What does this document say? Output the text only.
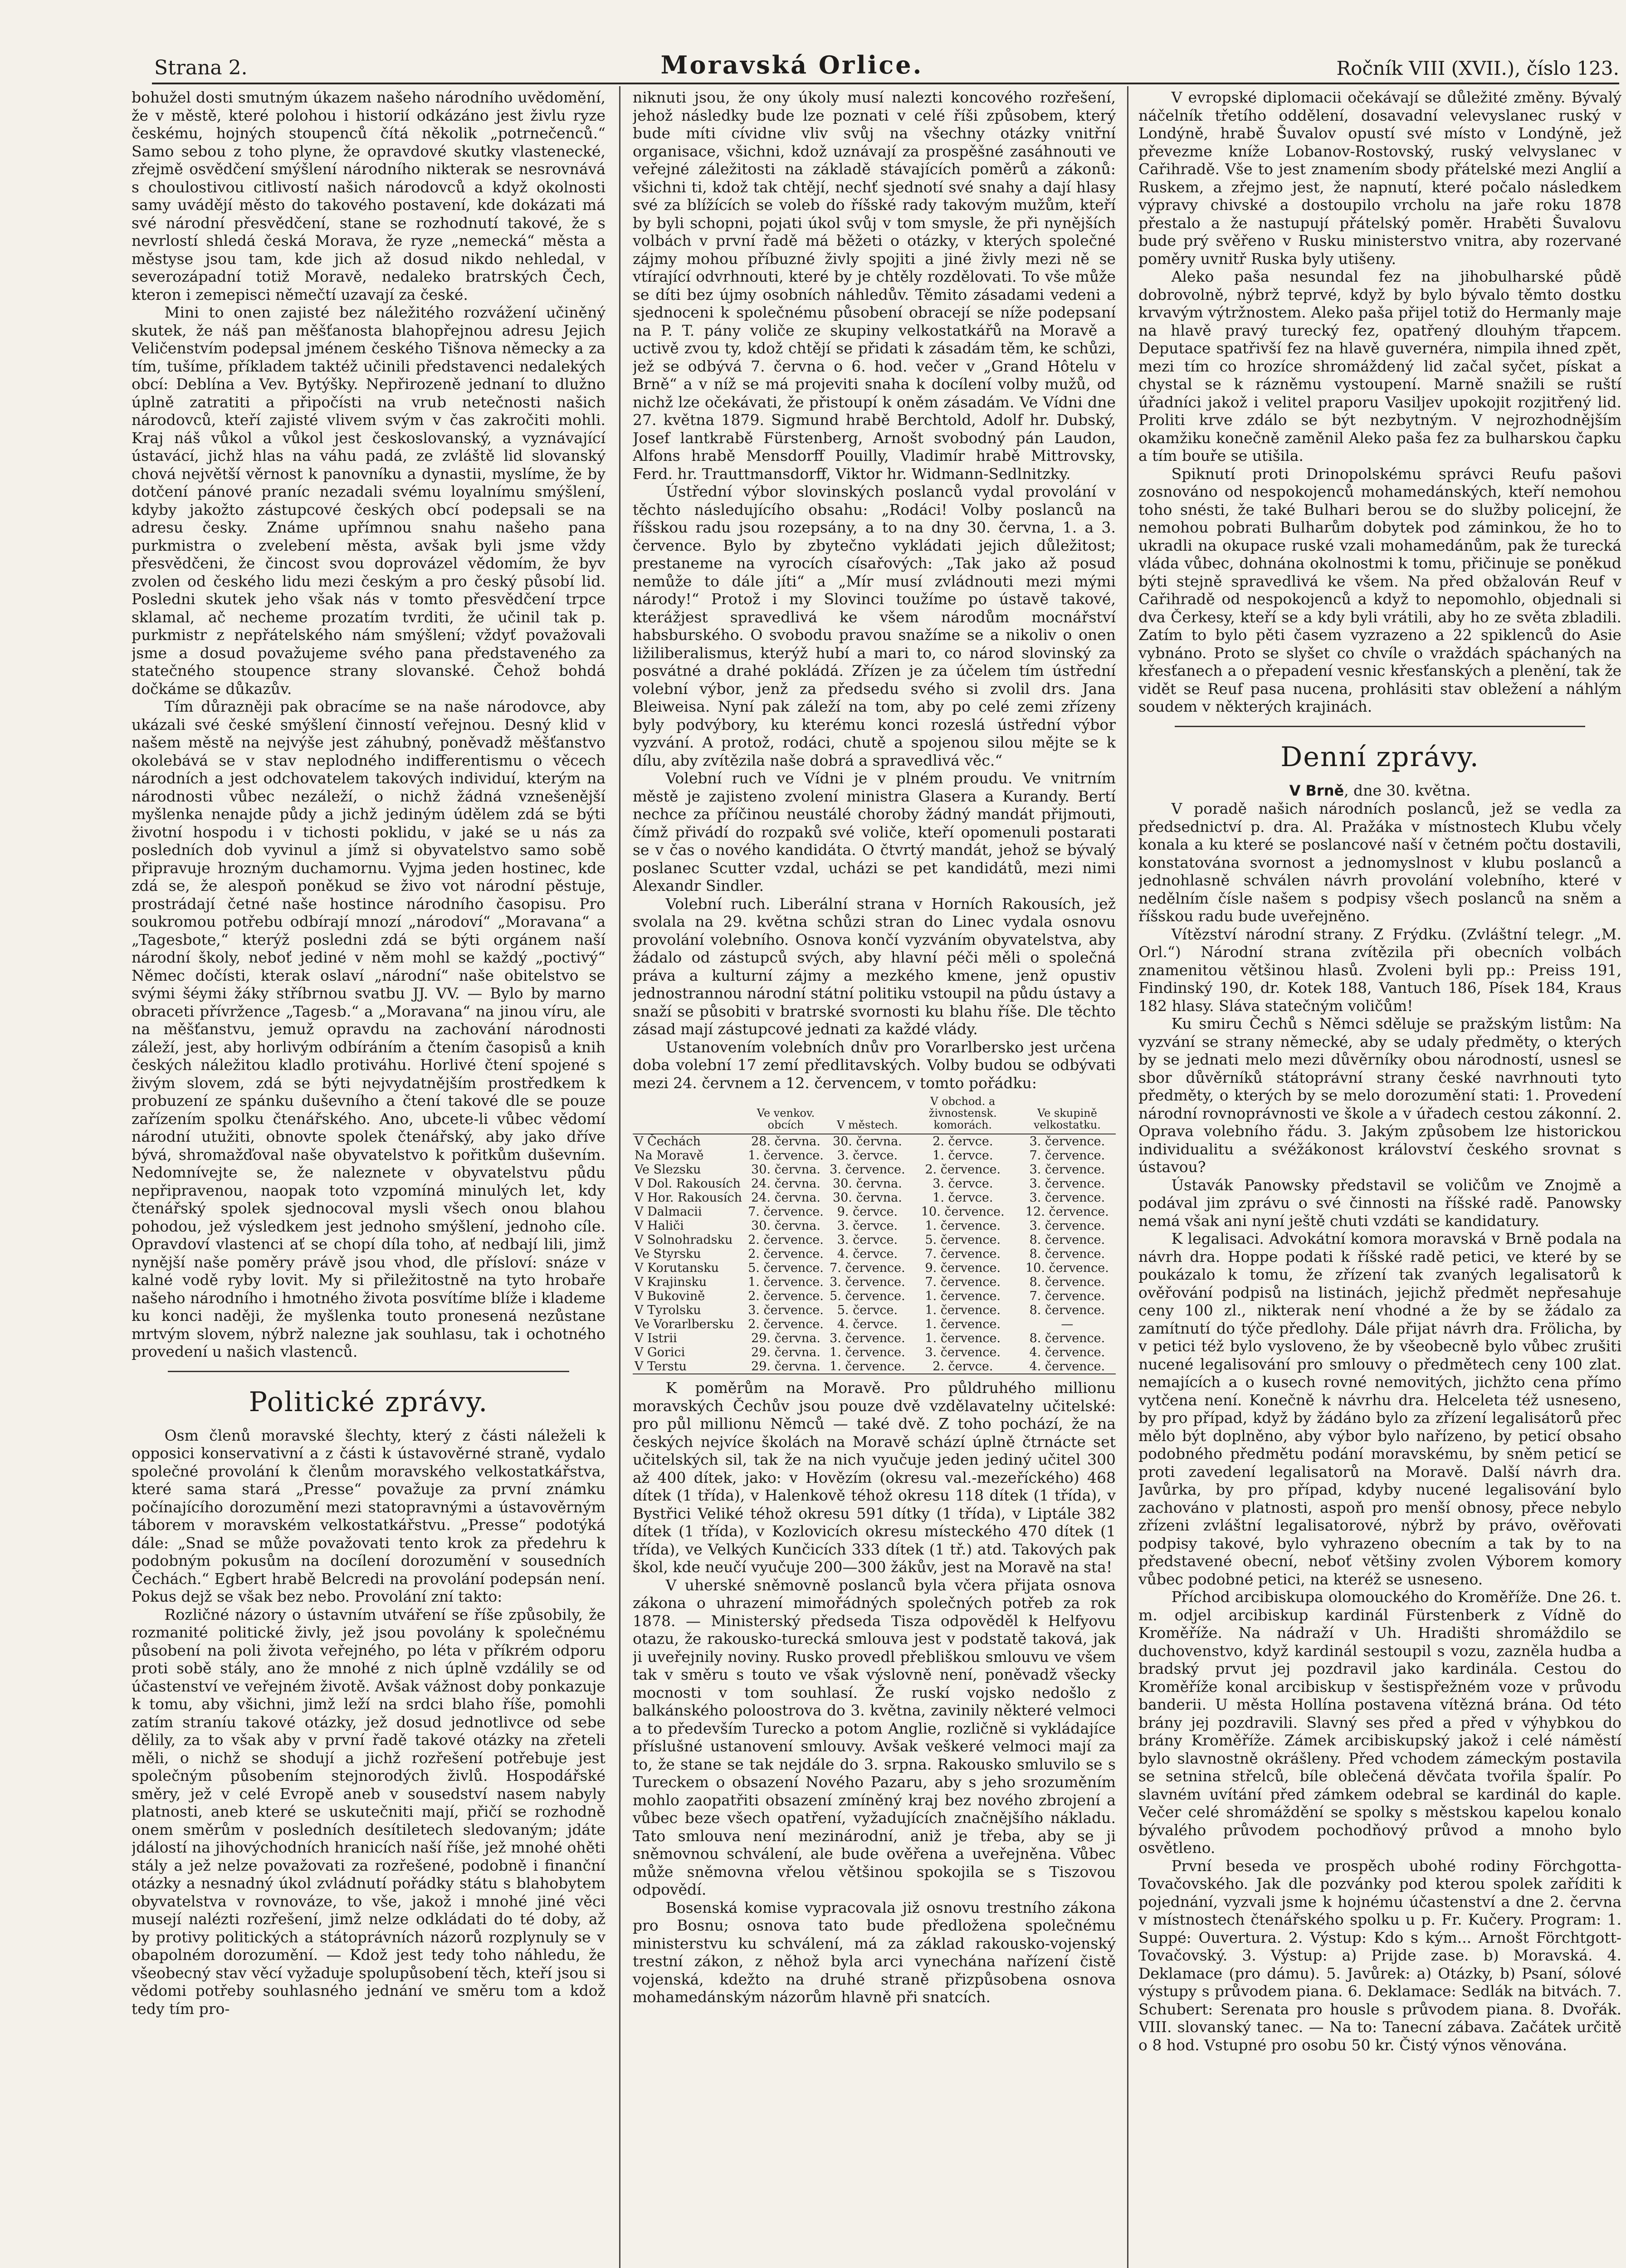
Strana 2.	Moravská Orlice.	Ročník VIII (XVII.), číslo 123.

bohužel dosti smutným úkazem našeho národního uvědomění, že v městě, které polohou i historií odkázáno jest živlu ryze českému, hojných stoupenců čítá několik „potrnečenců.“ Samo sebou z toho plyne, že opravdové skutky vlastenecké, zřejmě osvědčení smýšlení národního nikterak se nesrovnává s choulostivou citlivostí našich národovců a když okolnosti samy uvádějí město do takového postavení, kde dokázati má své národní přesvědčení, stane se rozhodnutí takové, že s nevrlostí shledá česká Morava, že ryze „nemecká“ města a městyse jsou tam, kde jich až dosud nikdo nehledal, v severozápadní totiž Moravě, nedaleko bratrských Čech, kteron i zemepisci němečtí uzavají za české.

Mini to onen zajisté bez náležitého rozvážení učiněný skutek, že náš pan měšťanosta blahopřejnou adresu Jejich Veličenstvím podepsal jménem českého Tišnova německy a za tím, tušíme, příkladem taktéž učinili představenci nedalekých obcí: Deblína a Vev. Bytýšky. Nepřirozeně jednaní to dlužno úplně zatratiti a připočísti na vrub netečnosti našich národovců, kteří zajisté vlivem svým v čas zakročiti mohli. Kraj náš vůkol a vůkol jest českoslovanský, a vyznávající ústavácí, jichž hlas na váhu padá, ze zvláště lid slovanský chová největší věrnost k panovníku a dynastii, myslíme, že by dotčení pánové praníc nezadali svému loyalnímu smýšlení, kdyby jakožto zástupcové českých obcí podepsali se na adresu česky. Známe upřímnou snahu našeho pana purkmistra o zvelebení města, avšak byli jsme vždy přesvědčeni, že čincost svou doprovázel vědomím, že byv zvolen od českého lidu mezi českým a pro český působí lid. Posledni skutek jeho však nás v tomto přesvědčení trpce sklamal, ač necheme prozatím tvrditi, že učinil tak p. purkmistr z nepřátelského nám smýšlení; vždyť považovali jsme a dosud považujeme svého pana představeného za statečného stoupence strany slovanské. Čehož bohdá dočkáme se důkazův.

Tím důrazněji pak obracíme se na naše národovce, aby ukázali své české smýšlení činností veřejnou. Desný klid v našem městě na nejvýše jest záhubný, poněvadž měšťanstvo okolebává se v stav neplodného indifferentismu o věcech národních a jest odchovatelem takových individuí, kterým na národnosti vůbec nezáleží, o nichž žádná vznešenější myšlenka nenajde půdy a jichž jediným údělem zdá se býti životní hospodu i v tichosti poklidu, v jaké se u nás za posledních dob vyvinul a jímž si obyvatelstvo samo sobě připravuje hrozným duchamornu. Vyjma jeden hostinec, kde zdá se, že alespoň poněkud se živo vot národní pěstuje, prostrádají četné naše hostince národního časopisu. Pro soukromou potřebu odbírají mnozí „národoví“ „Moravana“ a „Tagesbote,“ kterýž posledni zdá se býti orgánem naší národní školy, neboť jediné v něm mohl se každý „poctivý“ Němec dočísti, kterak oslaví „národní“ naše obitelstvo se svými šéymi žáky stříbrnou svatbu JJ. VV. — Bylo by marno obraceti přívržence „Tagesb.“ a „Moravana“ na jinou víru, ale na měšťanstvu, jemuž opravdu na zachování národnosti záleží, jest, aby horlivým odbíráním a čtením časopisů a knih českých náležitou kladlo protiváhu. Horlivé čtení spojené s živým slovem, zdá se býti nejvydatnějším prostředkem k probuzení ze spánku duševního a čtení takové dle se pouze zařízením spolku čtenářského. Ano, ubcete-li vůbec vědomí národní utužiti, obnovte spolek čtenářský, aby jako dříve bývá, shromažďoval naše obyvatelstvo k pořitkům duševním. Nedomnívejte se, že naleznete v obyvatelstvu půdu nepřipravenou, naopak toto vzpomíná minulých let, kdy čtenářský spolek sjednocoval mysli všech onou blahou pohodou, jež výsledkem jest jednoho smýšlení, jednoho cíle. Opravdoví vlastenci ať se chopí díla toho, ať nedbají lili, jimž nynější naše poměry právě jsou vhod, dle přísloví: snáze v kalné vodě ryby lovit. My si přiležitostně na tyto hrobaře našeho národního i hmotného života posvítíme blíže i klademe ku konci naději, že myšlenka touto pronesená nezůstane mrtvým slovem, nýbrž nalezne jak souhlasu, tak i ochotného provedení u našich vlastenců.

Politické zprávy.

Osm členů moravské šlechty, který z části náleželi k opposici konservativní a z části k ústavověrné straně, vydalo společné provolání k členům moravského velkostatkářstva, které sama stará „Presse“ považuje za první známku počínajícího dorozumění mezi statopravnými a ústavověrným táborem v moravském velkostatkářstvu. „Presse“ podotýká dále: „Snad se může považovati tento krok za předehru k podobným pokusům na docílení dorozumění v sousedních Čechách.“ Egbert hrabě Belcredi na provolání podepsán není. Pokus dejž se však bez nebo. Provolání zní takto:

Rozličné názory o ústavním utváření se říše způsobily, že rozmanité politické živly, jež jsou povolány k společnému působení na poli života veřejného, po léta v příkrém odporu proti sobě stály, ano že mnohé z nich úplně vzdálily se od účastenství ve veřejném životě. Avšak vážnost doby ponkazuje k tomu, aby všichni, jimž leží na srdci blaho říše, pomohli zatím straníu takové otázky, jež dosud jednotlivce od sebe dělily, za to však aby v první řadě takové otázky na zřeteli měli, o nichž se shodují a jichž rozřešení potřebuje jest společným působením stejnorodých živlů. Hospodářské směry, jež v celé Evropě aneb v sousedství nasem nabyly platnosti, aneb které se uskutečniti mají, přičí se rozhodně onem směrům v posledních desítiletech sledovaným; jdáte jdálostí na jihovýchodních hranicích naší říše, jež mnohé ohěti stály a jež nelze považovati za rozřešené, podobně i finanční otázky a nesnadný úkol zvládnutí pořádky státu s blahobytem obyvatelstva v rovnováze, to vše, jakož i mnohé jiné věci musejí nalézti rozřešení, jimž nelze odkládati do té doby, až by protivy politických a státoprávních názorů rozplynuly se v obapolném dorozumění. — Kdož jest tedy toho náhledu, že všeobecný stav věcí vyžaduje spolupůsobení těch, kteří jsou si vědomi potřeby souhlasného jednání ve směru tom a kdož tedy tím pro-

niknuti jsou, že ony úkoly musí nalezti koncového rozřešení, jehož následky bude lze poznati v celé říši způsobem, který bude míti cívidne vliv svůj na všechny otázky vnitřní organisace, všichni, kdož uznávají za prospěšné zasáhnouti ve veřejné záležitosti na základě stávajících poměrů a zákonů: všichni ti, kdož tak chtějí, nechť sjednotí své snahy a dají hlasy své za blížících se voleb do říšské rady takovým mužům, kteří by byli schopni, pojati úkol svůj v tom smysle, že při nynějších volbách v první řadě má běžeti o otázky, v kterých společné zájmy mohou příbuzné živly spojiti a jiné živly mezi ně se vtírající odvrhnouti, které by je chtěly rozdělovati. To vše může se díti bez újmy osobních náhledův. Těmito zásadami vedeni a sjednoceni k společnému působení obracejí se níže podepsaní na P. T. pány voliče ze skupiny velkostatkářů na Moravě a uctivě zvou ty, kdož chtějí se přidati k zásadám těm, ke schůzi, jež se odbývá 7. června o 6. hod. večer v „Grand Hôtelu v Brně“ a v níž se má projeviti snaha k docílení volby mužů, od nichž lze očekávati, že přistoupí k oněm zásadám. Ve Vídni dne 27. května 1879. Sigmund hrabě Berchtold, Adolf hr. Dubský, Josef lantkrabě Fürstenberg, Arnošt svobodný pán Laudon, Alfons hrabě Mensdorff Pouilly, Vladimír hrabě Mittrovsky, Ferd. hr. Trauttmansdorff, Viktor hr. Widmann-Sedlnitzky.

Ústřední výbor slovinských poslanců vydal provolání v těchto následujícího obsahu: „Rodáci! Volby poslanců na říšskou radu jsou rozepsány, a to na dny 30. června, 1. a 3. července. Bylo by zbytečno vykládati jejich důležitost; prestaneme na vyrocích císařových: „Tak jako až posud nemůže to dále jíti“ a „Mír musí zvládnouti mezi mými národy!“ Protož i my Slovinci toužíme po ústavě takové, kterážjest spravedlivá ke všem národům mocnářství habsburského. O svobodu pravou snažíme se a nikoliv o onen ližiliberalismus, kterýž hubí a mari to, co národ slovinský za posvátné a drahé pokládá. Zřízen je za účelem tím ústřední volební výbor, jenž za předsedu svého si zvolil drs. Jana Bleiweisa. Nyní pak záleží na tom, aby po celé zemi zřízeny byly podvýbory, ku kterému konci rozeslá ústřední výbor vyzvání. A protož, rodáci, chutě a spojenou silou mějte se k dílu, aby zvítězila naše dobrá a spravedlivá věc.“

Volební ruch ve Vídni je v plném proudu. Ve vnitrním městě je zajisteno zvolení ministra Glasera a Kurandy. Bertí nechce za příčinou neustálé choroby žádný mandát přijmouti, čímž přivádí do rozpaků své voliče, kteří opomenuli postarati se v čas o nového kandidáta. O čtvrtý mandát, jehož se bývalý poslanec Scutter vzdal, ucházi se pet kandidátů, mezi nimi Alexandr Sindler.

Volební ruch. Liberální strana v Horních Rakousích, jež svolala na 29. května schůzi stran do Linec vydala osnovu provolání volebního. Osnova končí vyzváním obyvatelstva, aby žádalo od zástupců svých, aby hlavní péči měli o společná práva a kulturní zájmy a mezkého kmene, jenž opustiv jednostrannou národní státní politiku vstoupil na půdu ústavy a snaží se působiti v bratrské svornosti ku blahu říše. Dle těchto zásad mají zástupcové jednati za každé vlády.

Ustanovením volebních dnův pro Vorarlbersko jest určena doba volební 17 zemí předlitavských. Volby budou se odbývati mezi 24. červnem a 12. červencem, v tomto pořádku:

	Ve venkov. obcích	V městech.	V obchod. a živnostensk. komorách.	Ve skupině velkostatku.
V Čechách	28. června.	30. června.	2. červce.	3. července.
Na Moravě	1. července.	3. červce.	1. červce.	7. července.
Ve Slezsku	30. června.	3. července.	2. července.	3. července.
V Dol. Rakousích	24. června.	30. června.	3. červce.	3. července.
V Hor. Rakousích	24. června.	30. června.	1. červce.	3. července.
V Dalmacii	7. července.	9. červce.	10. července.	12. července.
V Haliči	30. června.	3. červce.	1. července.	3. července.
V Solnohradsku	2. července.	3. červce.	5. července.	8. července.
Ve Styrsku	2. července.	4. červce.	7. července.	8. července.
V Korutansku	5. července.	7. července.	9. července.	10. července.
V Krajinsku	1. července.	3. července.	7. července.	8. července.
V Bukovině	2. července.	5. července.	1. července.	7. července.
V Tyrolsku	3. července.	5. červce.	1. července.	8. července.
Ve Vorarlbersku	2. července.	4. červce.	1. července.	—
V Istrii	29. června.	3. července.	1. července.	8. července.
V Gorici	29. června.	1. července.	3. července.	4. července.
V Terstu	29. června.	1. července.	2. červce.	4. července.

K poměrům na Moravě. Pro půldruhého millionu moravských Čechův jsou pouze dvě vzdělavatelny učitelské: pro půl millionu Němců — také dvě. Z toho pochází, že na českých nejvíce školách na Moravě schází úplně čtrnácte set učitelských sil, tak že na nich vyučuje jeden jediný učitel 300 až 400 dítek, jako: v Hovězím (okresu val.-mezeříckého) 468 dítek (1 třída), v Halenkově téhož okresu 118 dítek (1 třída), v Bystřici Veliké téhož okresu 591 dítky (1 třída), v Liptále 382 dítek (1 třída), v Kozlovicích okresu místeckého 470 dítek (1 třída), ve Velkých Kunčicích 333 dítek (1 tř.) atd. Takových pak škol, kde neučí vyučuje 200—300 žákův, jest na Moravě na sta!

V uherské sněmovně poslanců byla včera přijata osnova zákona o uhrazení mimořádných společných potřeb za rok 1878. — Ministerský předseda Tisza odpověděl k Helfyovu otazu, že rakousko-turecká smlouva jest v podstatě taková, jak ji uveřejnily noviny. Rusko provedl přebliškou smlouvu ve všem tak v směru s touto ve však výslovně není, poněvadž všecky mocnosti v tom souhlasí. Že ruskí vojsko nedošlo z balkánského poloostrova do 3. května, zavinily některé velmoci a to především Turecko a potom Anglie, rozličně si vykládajíce příslušné ustanovení smlouvy. Avšak veškeré velmoci mají za to, že stane se tak nejdále do 3. srpna. Rakousko smluvilo se s Tureckem o obsazení Nového Pazaru, aby s jeho srozuměním mohlo zaopatřiti obsazení zmíněný kraj bez nového zbrojení a vůbec beze všech opatření, vyžadujících značnějšího nákladu. Tato smlouva není mezinárodní, aniž je třeba, aby se ji sněmovnou schválení, ale bude ověřena a uveřejněna. Vůbec může sněmovna vřelou většinou spokojila se s Tiszovou odpovědí.

Bosenská komise vypracovala již osnovu trestního zákona pro Bosnu; osnova tato bude předložena společnému ministerstvu ku schválení, má za základ rakousko-vojenský trestní zákon, z něhož byla arci vynechána nařízení čistě vojenská, kdežto na druhé straně přizpůsobena osnova mohamedánským názorům hlavně při snatcích.

V evropské diplomacii očekávají se důležité změny. Bývalý náčelník třetího oddělení, dosavadní velevyslanec ruský v Londýně, hrabě Šuvalov opustí své místo v Londýně, jež převezme kníže Lobanov-Rostovský, ruský velvyslanec v Cařihradě. Vše to jest znamením sbody přátelské mezi Anglií a Ruskem, a zřejmo jest, že napnutí, které počalo následkem výpravy chivské a dostoupilo vrcholu na jaře roku 1878 přestalo a že nastupují přátelský poměr. Hraběti Šuvalovu bude prý svěřeno v Rusku ministerstvo vnitra, aby rozervané poměry uvnitř Ruska byly utišeny.

Aleko paša nesundal fez na jihobulharské půdě dobrovolně, nýbrž teprvé, když by bylo bývalo těmto dostku krvavým výtržnostem. Aleko paša přijel totiž do Hermanly maje na hlavě pravý turecký fez, opatřený dlouhým třapcem. Deputace spatřivší fez na hlavě guvernéra, nimpila ihned zpět, mezi tím co hrozíce shromáždený lid začal syčet, pískat a chystal se k rázněmu vystoupení. Marně snažili se ruští úřadníci jakož i velitel praporu Vasiljev upokojit rozjitřený lid. Proliti krve zdálo se být nezbytným. V nejrozhodnějším okamžiku konečně zaměnil Aleko paša fez za bulharskou čapku a tím bouře se utišila.

Spiknutí proti Drinopolskému správci Reufu pašovi zosnováno od nespokojenců mohamedánských, kteří nemohou toho snésti, že také Bulhari berou se do služby policejní, že nemohou pobrati Bulharům dobytek pod záminkou, že ho to ukradli na okupace ruské vzali mohamedánům, pak že turecká vláda vůbec, dohnána okolnostmi k tomu, přičinuje se poněkud býti stejně spravedlivá ke všem. Na před obžalován Reuf v Cařihradě od nespokojenců a když to nepomohlo, objednali si dva Čerkesy, kteří se a kdy byli vrátili, aby ho ze světa zbladili. Zatím to bylo pěti časem vyzrazeno a 22 spiklenců do Asie vybnáno. Proto se slyšet co chvíle o vraždách spáchaných na křesťanech a o přepadení vesnic křesťanských a plenění, tak že vidět se Reuf pasa nucena, prohlásiti stav obležení a náhlým soudem v některých krajinách.

Denní zprávy.

V Brně, dne 30. května.

V poradě našich národních poslanců, jež se vedla za předsednictví p. dra. Al. Pražáka v místnostech Klubu včely konala a ku které se poslancové naší v četném počtu dostavili, konstatována svornost a jednomyslnost v klubu poslanců a jednohlasně schválen návrh provolání volebního, které v nedělním čísle našem s podpisy všech poslanců na sněm a říšskou radu bude uveřejněno.

Vítězství národní strany. Z Frýdku. (Zvláštní telegr. „M. Orl.“) Národní strana zvítězila při obecních volbách znamenitou většinou hlasů. Zvoleni byli pp.: Preiss 191, Findinský 190, dr. Kotek 188, Vantuch 186, Písek 184, Kraus 182 hlasy. Sláva statečným voličům!

Ku smiru Čechů s Němci sděluje se pražským listům: Na vyzvání se strany německé, aby se udaly předměty, o kterých by se jednati melo mezi důvěrníky obou národností, usnesl se sbor důvěrníků státoprávní strany české navrhnouti tyto předměty, o kterých by se melo dorozumění stati: 1. Provedení národní rovnoprávnosti ve škole a v úřadech cestou zákonní. 2. Oprava volebního řádu. 3. Jakým způsobem lze historickou individualitu a svéžákonost království českého srovnat s ústavou?

Ústavák Panowsky představil se voličům ve Znojmě a podával jim zprávu o své činnosti na říšské radě. Panowsky nemá však ani nyní ještě chuti vzdáti se kandidatury.

K legalisaci. Advokátní komora moravská v Brně podala na návrh dra. Hoppe podati k říšské radě petici, ve které by se poukázalo k tomu, že zřízení tak zvaných legalisatorů k ověřování podpisů na listinách, jejichž předmět nepřesahuje ceny 100 zl., nikterak není vhodné a že by se žádalo za zamítnutí do týče předlohy. Dále přijat návrh dra. Frölicha, by v petici též bylo vysloveno, že by všeobecně bylo vůbec zrušiti nucené legalisování pro smlouvy o předmětech ceny 100 zlat. nemajících a o kusech rovné nemovitých, jichžto cena přímo vytčena není. Konečně k návrhu dra. Helceleta též usneseno, by pro případ, když by žádáno bylo za zřízení legalisátorů přec mělo být doplněno, aby výbor bylo nařízeno, by peticí obsaho podobného předmětu podání moravskému, by sněm peticí se proti zavedení legalisatorů na Moravě. Další návrh dra. Javůrka, by pro případ, kdyby nucené legalisování bylo zachováno v platnosti, aspoň pro menší obnosy, přece nebylo zřízeni zvláštní legalisatorové, nýbrž by právo, ověřovati podpisy takové, bylo vyhrazeno obecním a tak by to na představené obecní, neboť většiny zvolen Výborem komory vůbec podobné petici, na kteréž se usneseno.

Příchod arcibiskupa olomouckého do Kroměříže. Dne 26. t. m. odjel arcibiskup kardinál Fürstenberk z Vídně do Kroměříže. Na nádraží v Uh. Hradišti shromáždilo se duchovenstvo, když kardinál sestoupil s vozu, zazněla hudba a bradský prvut jej pozdravil jako kardinála. Cestou do Kroměříže konal arcibiskup v šestispřežném voze v průvodu banderii. U města Hollína postavena vítězná brána. Od této brány jej pozdravili. Slavný ses před a před v výhybkou do brány Kroměříže. Zámek arcibiskupský jakož i celé náměstí bylo slavnostně okrášleny. Před vchodem zámeckým postavila se setnina střelců, bíle oblečená děvčata tvořila špalír. Po slavném uvítání před zámkem odebral se kardinál do kaple. Večer celé shromáždění se spolky s městskou kapelou konalo bývalého průvodem pochodňový průvod a mnoho bylo osvětleno.

První beseda ve prospěch ubohé rodiny Förchgotta-Tovačovského. Jak dle pozvánky pod kterou spolek zaříditi k pojednání, vyzvali jsme k hojnému účastenství a dne 2. června v místnostech čtenářského spolku u p. Fr. Kučery. Program: 1. Suppé: Ouvertura. 2. Výstup: Kdo s kým... Arnošt Förchtgott-Tovačovský. 3. Výstup: a) Prijde zase. b) Moravská. 4. Deklamace (pro dámu). 5. Javůrek: a) Otázky, b) Psaní, sólové výstupy s průvodem piana. 6. Deklamace: Sedlák na bitvách. 7. Schubert: Serenata pro housle s průvodem piana. 8. Dvořák. VIII. slovanský tanec. — Na to: Tanecní zábava. Začátek určitě o 8 hod. Vstupné pro osobu 50 kr. Čistý výnos věnována.
